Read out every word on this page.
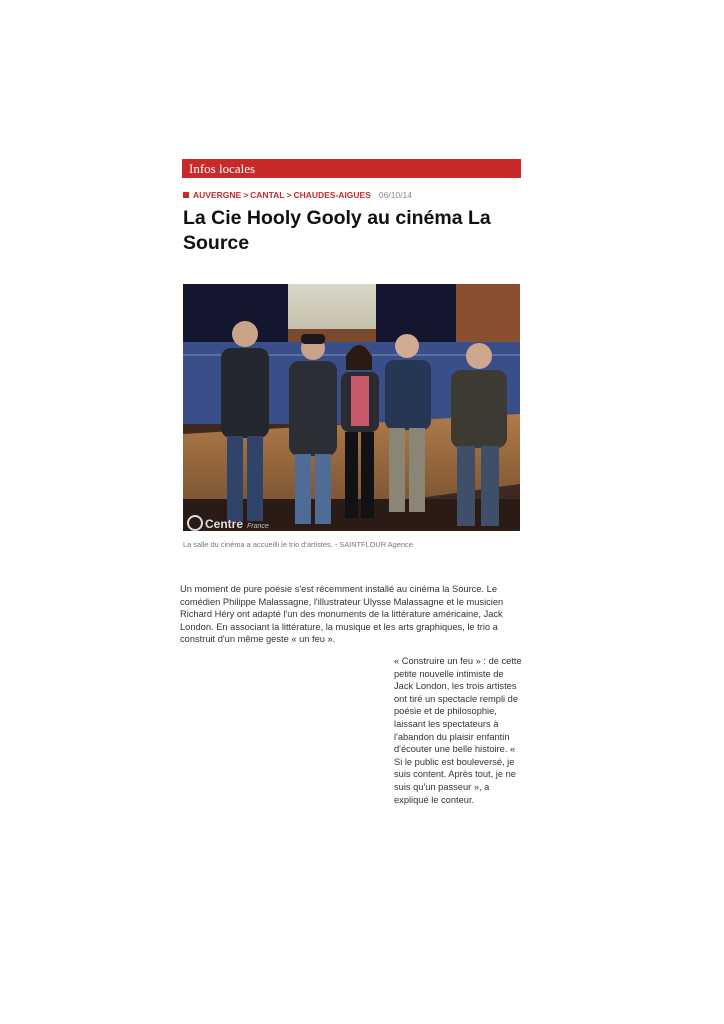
Infos locales
AUVERGNE > CANTAL > CHAUDES-AIGUES 06/10/14
La Cie Hooly Gooly au cinéma La Source
Centre France
La salle du cinéma a accueilli le trio d'artistes. - SAINTFLOUR Agence

Un moment de pure poésie s'est récemment installé au cinéma la Source. Le comédien Philippe Malassagne, l'illustrateur Ulysse Malassagne et le musicien Richard Héry ont adapté l'un des monuments de la littérature américaine, Jack London. En associant la littérature, la musique et les arts graphiques, le trio a construit d'un même geste « un feu ».

« Construire un feu » : de cette petite nouvelle intimiste de Jack London, les trois artistes ont tiré un spectacle rempli de poésie et de philosophie, laissant les spectateurs à l'abandon du plaisir enfantin d'écouter une belle histoire. « Si le public est bouleversé, je suis content. Après tout, je ne suis qu'un passeur », a expliqué le conteur.
